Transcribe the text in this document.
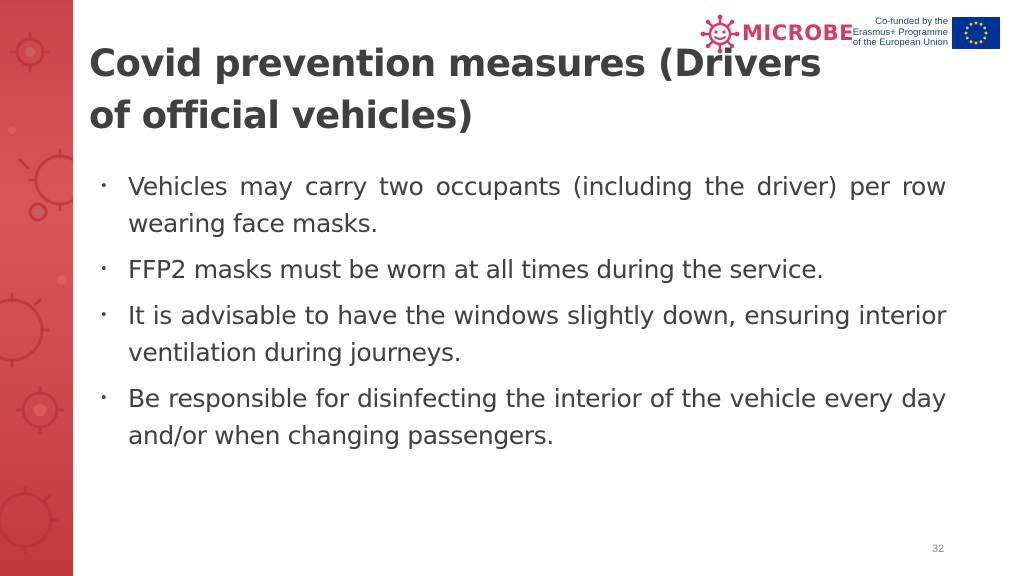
MICROBE	Co-funded by the
Erasmus+ Programme
of the European Union
Covid prevention measures (Drivers of official vehicles)
• Vehicles may carry two occupants (including the driver) per row wearing face masks.
• FFP2 masks must be worn at all times during the service.
• It is advisable to have the windows slightly down, ensuring interior ventilation during journeys.
• Be responsible for disinfecting the interior of the vehicle every day and/or when changing passengers.
32
